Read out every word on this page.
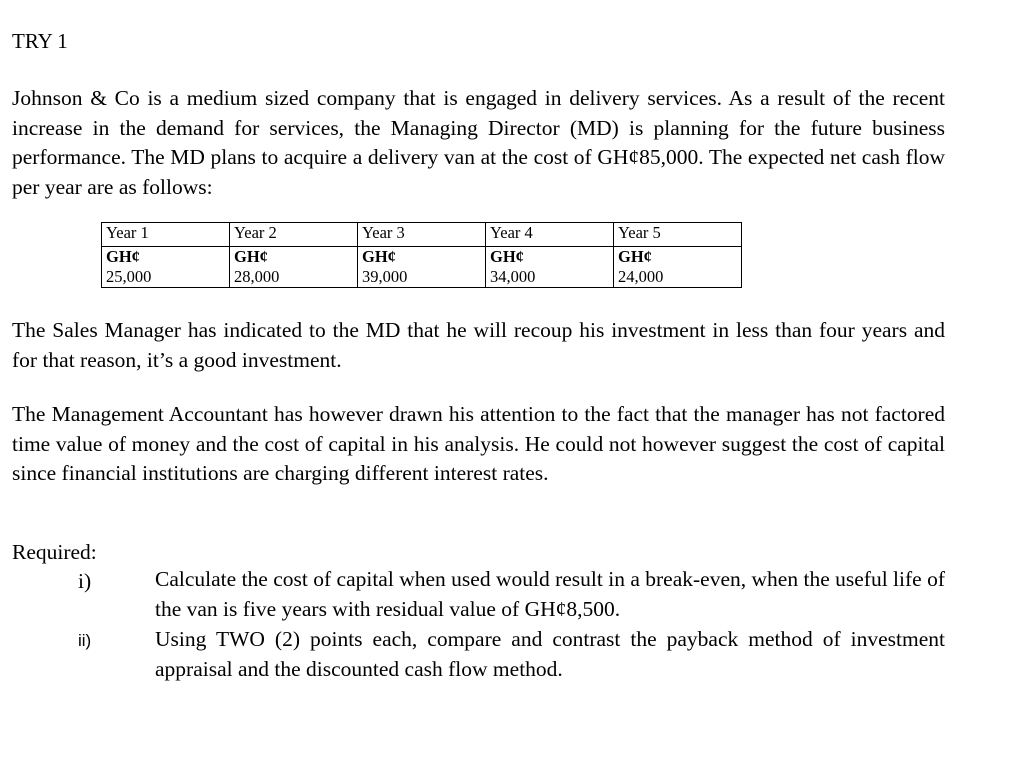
TRY 1

Johnson & Co is a medium sized company that is engaged in delivery services. As a result of the recent increase in the demand for services, the Managing Director (MD) is planning for the future business performance. The MD plans to acquire a delivery van at the cost of GH¢85,000. The expected net cash flow per year are as follows:

Year 1	Year 2	Year 3	Year 4	Year 5
GH¢	GH¢	GH¢	GH¢	GH¢
25,000	28,000	39,000	34,000	24,000

The Sales Manager has indicated to the MD that he will recoup his investment in less than four years and for that reason, it’s a good investment.

The Management Accountant has however drawn his attention to the fact that the manager has not factored time value of money and the cost of capital in his analysis. He could not however suggest the cost of capital since financial institutions are charging different interest rates.

Required:
i)	Calculate the cost of capital when used would result in a break-even, when the useful life of the van is five years with residual value of GH¢8,500.

ii)	Using TWO (2) points each, compare and contrast the payback method of investment appraisal and the discounted cash flow method.
